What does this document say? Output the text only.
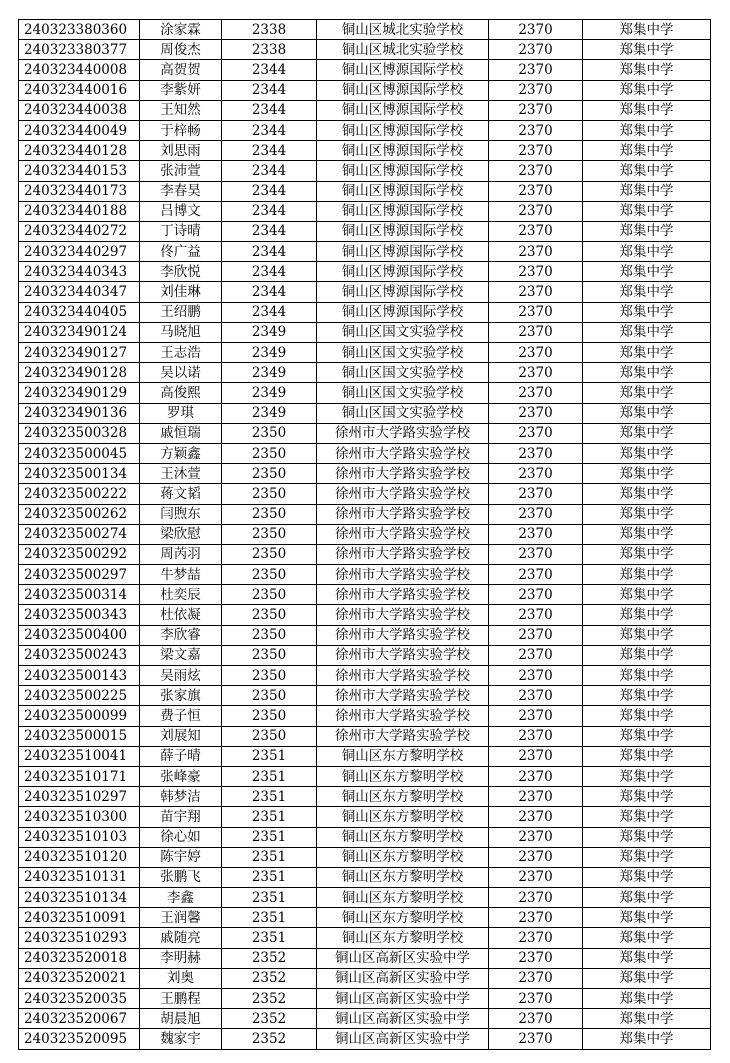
240323380360	涂家霖	2338	铜山区城北实验学校	2370	郑集中学
240323380377	周俊杰	2338	铜山区城北实验学校	2370	郑集中学
240323440008	高贺贺	2344	铜山区博源国际学校	2370	郑集中学
240323440016	李紫妍	2344	铜山区博源国际学校	2370	郑集中学
240323440038	王知然	2344	铜山区博源国际学校	2370	郑集中学
240323440049	于梓畅	2344	铜山区博源国际学校	2370	郑集中学
240323440128	刘思雨	2344	铜山区博源国际学校	2370	郑集中学
240323440153	张沛萱	2344	铜山区博源国际学校	2370	郑集中学
240323440173	李春昊	2344	铜山区博源国际学校	2370	郑集中学
240323440188	吕博文	2344	铜山区博源国际学校	2370	郑集中学
240323440272	丁诗晴	2344	铜山区博源国际学校	2370	郑集中学
240323440297	佟广益	2344	铜山区博源国际学校	2370	郑集中学
240323440343	李欣悦	2344	铜山区博源国际学校	2370	郑集中学
240323440347	刘佳琳	2344	铜山区博源国际学校	2370	郑集中学
240323440405	王绍鹏	2344	铜山区博源国际学校	2370	郑集中学
240323490124	马晓旭	2349	铜山区国文实验学校	2370	郑集中学
240323490127	王志浩	2349	铜山区国文实验学校	2370	郑集中学
240323490128	吴以诺	2349	铜山区国文实验学校	2370	郑集中学
240323490129	高俊熙	2349	铜山区国文实验学校	2370	郑集中学
240323490136	罗琪	2349	铜山区国文实验学校	2370	郑集中学
240323500328	戚恒瑞	2350	徐州市大学路实验学校	2370	郑集中学
240323500045	方颖鑫	2350	徐州市大学路实验学校	2370	郑集中学
240323500134	王沐萱	2350	徐州市大学路实验学校	2370	郑集中学
240323500222	蒋文韬	2350	徐州市大学路实验学校	2370	郑集中学
240323500262	闫煦东	2350	徐州市大学路实验学校	2370	郑集中学
240323500274	梁欣慰	2350	徐州市大学路实验学校	2370	郑集中学
240323500292	周芮羽	2350	徐州市大学路实验学校	2370	郑集中学
240323500297	牛梦喆	2350	徐州市大学路实验学校	2370	郑集中学
240323500314	杜奕辰	2350	徐州市大学路实验学校	2370	郑集中学
240323500343	杜依凝	2350	徐州市大学路实验学校	2370	郑集中学
240323500400	李欣睿	2350	徐州市大学路实验学校	2370	郑集中学
240323500243	梁文嘉	2350	徐州市大学路实验学校	2370	郑集中学
240323500143	吴雨炫	2350	徐州市大学路实验学校	2370	郑集中学
240323500225	张家旗	2350	徐州市大学路实验学校	2370	郑集中学
240323500099	费子恒	2350	徐州市大学路实验学校	2370	郑集中学
240323500015	刘展知	2350	徐州市大学路实验学校	2370	郑集中学
240323510041	薛子晴	2351	铜山区东方黎明学校	2370	郑集中学
240323510171	张峰豪	2351	铜山区东方黎明学校	2370	郑集中学
240323510297	韩梦洁	2351	铜山区东方黎明学校	2370	郑集中学
240323510300	苗宇翔	2351	铜山区东方黎明学校	2370	郑集中学
240323510103	徐心如	2351	铜山区东方黎明学校	2370	郑集中学
240323510120	陈宇婷	2351	铜山区东方黎明学校	2370	郑集中学
240323510131	张鹏飞	2351	铜山区东方黎明学校	2370	郑集中学
240323510134	李鑫	2351	铜山区东方黎明学校	2370	郑集中学
240323510091	王润馨	2351	铜山区东方黎明学校	2370	郑集中学
240323510293	戚随亮	2351	铜山区东方黎明学校	2370	郑集中学
240323520018	李明赫	2352	铜山区高新区实验中学	2370	郑集中学
240323520021	刘奥	2352	铜山区高新区实验中学	2370	郑集中学
240323520035	王鹏程	2352	铜山区高新区实验中学	2370	郑集中学
240323520067	胡晨旭	2352	铜山区高新区实验中学	2370	郑集中学
240323520095	魏家宇	2352	铜山区高新区实验中学	2370	郑集中学
